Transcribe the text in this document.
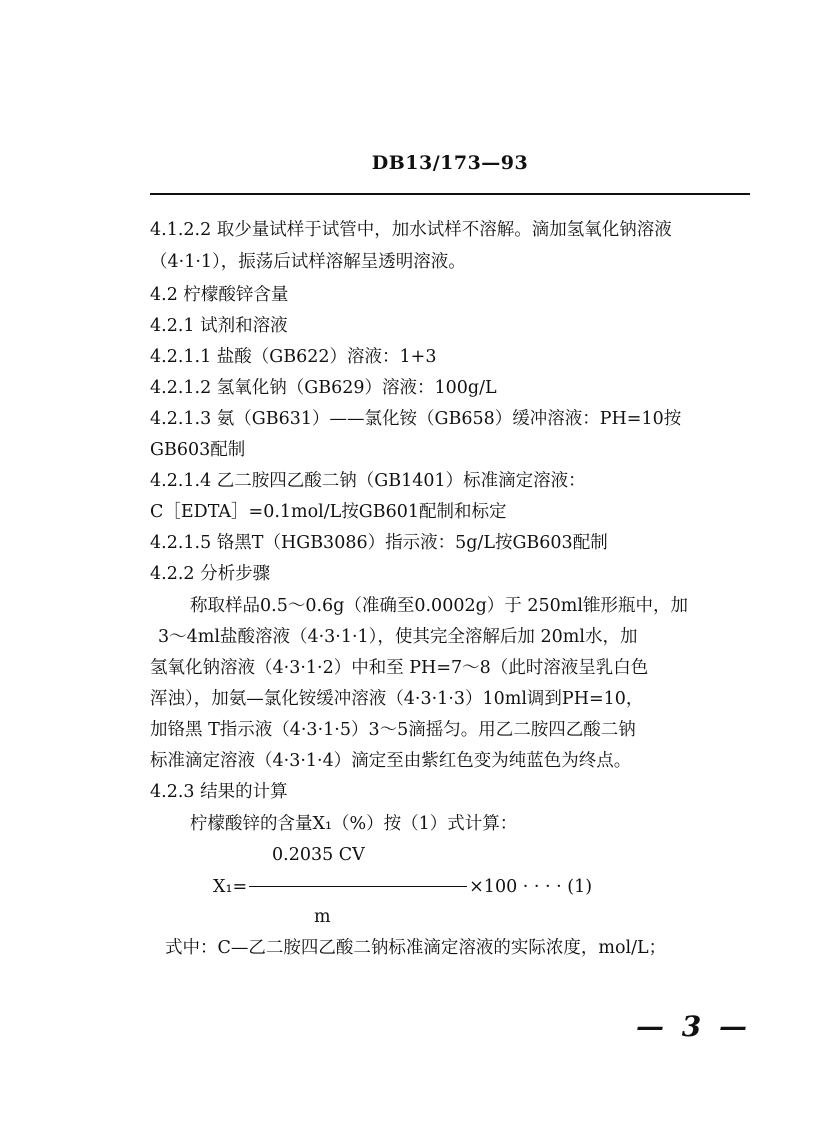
DB13/173—93
4.1.2.2 取少量试样于试管中，加水试样不溶解。滴加氢氧化钠溶液
（4·1·1），振荡后试样溶解呈透明溶液。
4.2 柠檬酸锌含量
4.2.1 试剂和溶液
4.2.1.1 盐酸（GB622）溶液：1+3
4.2.1.2 氢氧化钠（GB629）溶液：100g/L
4.2.1.3 氨（GB631）——氯化铵（GB658）缓冲溶液：PH=10按
GB603配制
4.2.1.4 乙二胺四乙酸二钠（GB1401）标准滴定溶液：
C［EDTA］=0.1mol/L按GB601配制和标定
4.2.1.5 铬黑T（HGB3086）指示液：5g/L按GB603配制
4.2.2 分析步骤
称取样品0.5～0.6g（准确至0.0002g）于 250ml锥形瓶中，加
3～4ml盐酸溶液（4·3·1·1），使其完全溶解后加 20ml水，加
氢氧化钠溶液（4·3·1·2）中和至 PH=7～8（此时溶液呈乳白色
浑浊），加氨—氯化铵缓冲溶液（4·3·1·3）10ml调到PH=10，
加铬黑 T指示液（4·3·1·5）3～5滴摇匀。用乙二胺四乙酸二钠
标准滴定溶液（4·3·1·4）滴定至由紫红色变为纯蓝色为终点。
4.2.3 结果的计算
柠檬酸锌的含量X₁（%）按（1）式计算：
0.2035 CV
X₁=	×100 · · · · (1)
m
式中：C—乙二胺四乙酸二钠标准滴定溶液的实际浓度，mol/L；
— 3 —
